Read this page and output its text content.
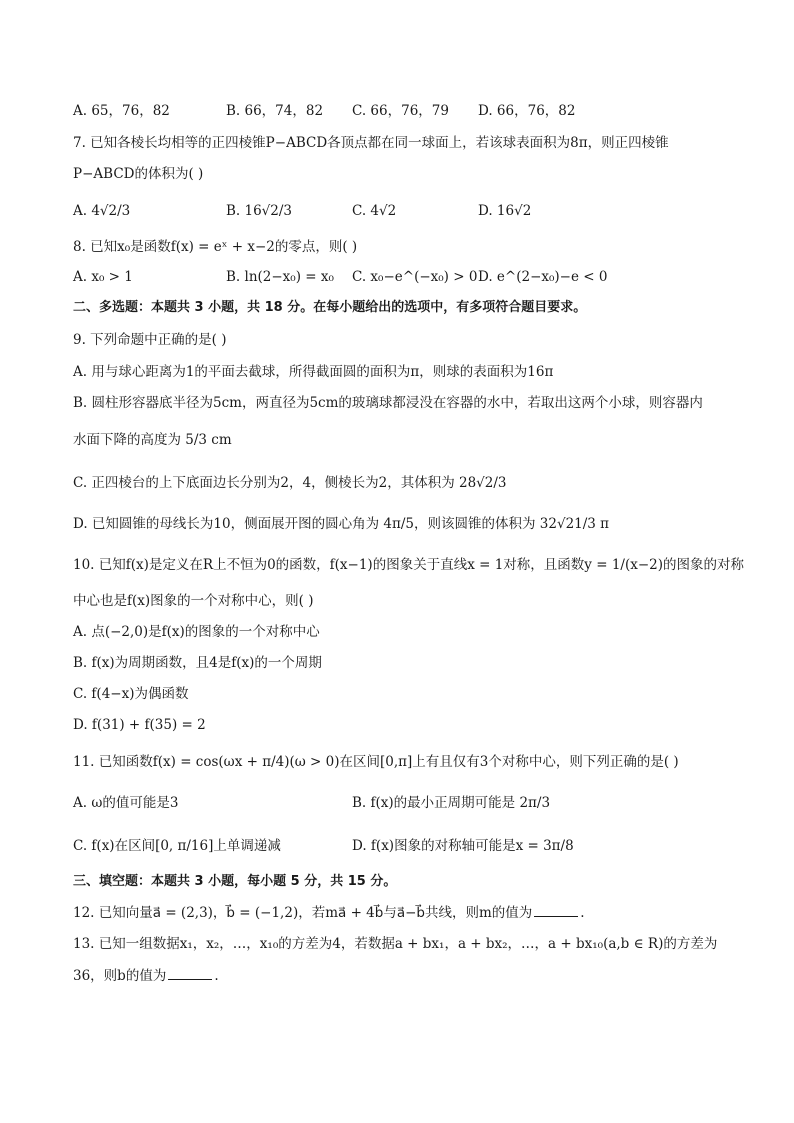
A. 65，76，82	B. 66，74，82 C. 66，76，79 D. 66，76，82
7. 已知各棱长均相等的正四棱锥P−ABCD各顶点都在同一球面上，若该球表面积为8π，则正四棱锥
P−ABCD的体积为( )
A. 4√2/3	B. 16√2/3	C. 4√2	D. 16√2
8. 已知x₀是函数f(x) = eˣ + x−2的零点，则( )
A. x₀ > 1	B. ln(2−x₀) = x₀ C. x₀−e^(−x₀) > 0 D. e^(2−x₀)−e < 0
二、多选题：本题共 3 小题，共 18 分。在每小题给出的选项中，有多项符合题目要求。
9. 下列命题中正确的是( )
A. 用与球心距离为1的平面去截球，所得截面圆的面积为π，则球的表面积为16π
B. 圆柱形容器底半径为5cm，两直径为5cm的玻璃球都浸没在容器的水中，若取出这两个小球，则容器内
水面下降的高度为 5/3 cm
C. 正四棱台的上下底面边长分别为2，4，侧棱长为2，其体积为 28√2/3
D. 已知圆锥的母线长为10，侧面展开图的圆心角为 4π/5，则该圆锥的体积为 32√21/3 π
10. 已知f(x)是定义在R上不恒为0的函数，f(x−1)的图象关于直线x = 1对称，且函数y = 1/(x−2)的图象的对称
中心也是f(x)图象的一个对称中心，则( )
A. 点(−2,0)是f(x)的图象的一个对称中心
B. f(x)为周期函数，且4是f(x)的一个周期
C. f(4−x)为偶函数
D. f(31) + f(35) = 2
11. 已知函数f(x) = cos(ωx + π/4)(ω > 0)在区间[0,π]上有且仅有3个对称中心，则下列正确的是( )
A. ω的值可能是3	B. f(x)的最小正周期可能是 2π/3
C. f(x)在区间[0, π/16]上单调递减	D. f(x)图象的对称轴可能是x = 3π/8
三、填空题：本题共 3 小题，每小题 5 分，共 15 分。
12. 已知向量a⃗ = (2,3)，b⃗ = (−1,2)，若ma⃗ + 4b⃗与a⃗−b⃗共线，则m的值为	.
13. 已知一组数据x₁，x₂，…，x₁₀的方差为4，若数据a + bx₁，a + bx₂，…，a + bx₁₀(a,b ∈ R)的方差为
36，则b的值为	.
